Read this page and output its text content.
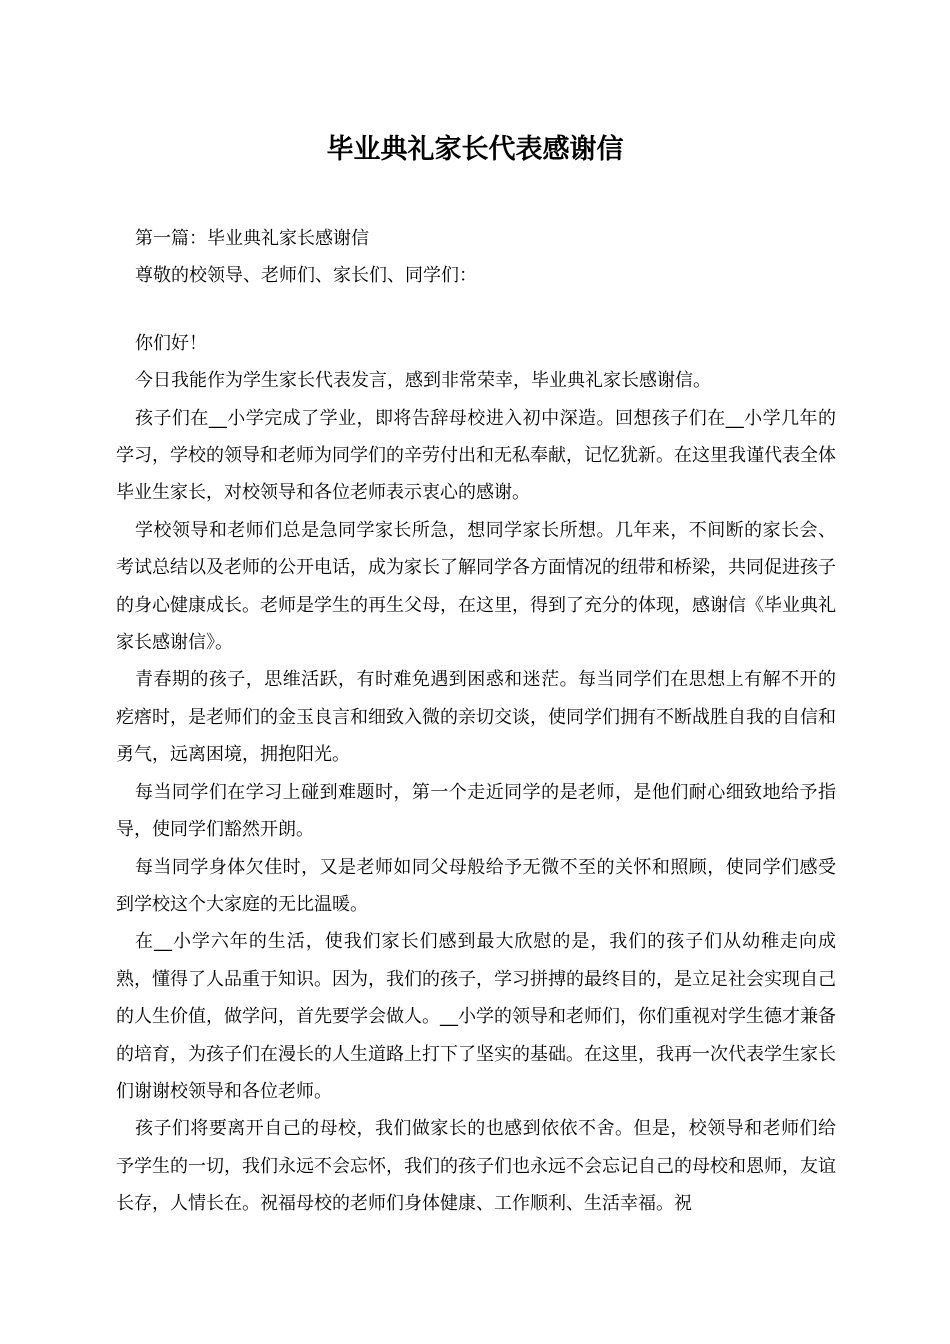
毕业典礼家长代表感谢信

第一篇：毕业典礼家长感谢信

尊敬的校领导、老师们、家长们、同学们：

你们好！

今日我能作为学生家长代表发言，感到非常荣幸，毕业典礼家长感谢信。

孩子们在__小学完成了学业，即将告辞母校进入初中深造。回想孩子们在__小学几年的学习，学校的领导和老师为同学们的辛劳付出和无私奉献，记忆犹新。在这里我谨代表全体毕业生家长，对校领导和各位老师表示衷心的感谢。

学校领导和老师们总是急同学家长所急，想同学家长所想。几年来，不间断的家长会、考试总结以及老师的公开电话，成为家长了解同学各方面情况的纽带和桥梁，共同促进孩子的身心健康成长。老师是学生的再生父母，在这里，得到了充分的体现，感谢信《毕业典礼家长感谢信》。

青春期的孩子，思维活跃，有时难免遇到困惑和迷茫。每当同学们在思想上有解不开的疙瘩时，是老师们的金玉良言和细致入微的亲切交谈，使同学们拥有不断战胜自我的自信和勇气，远离困境，拥抱阳光。

每当同学们在学习上碰到难题时，第一个走近同学的是老师，是他们耐心细致地给予指导，使同学们豁然开朗。

每当同学身体欠佳时，又是老师如同父母般给予无微不至的关怀和照顾，使同学们感受到学校这个大家庭的无比温暖。

在__小学六年的生活，使我们家长们感到最大欣慰的是，我们的孩子们从幼稚走向成熟，懂得了人品重于知识。因为，我们的孩子，学习拼搏的最终目的，是立足社会实现自己的人生价值，做学问，首先要学会做人。__小学的领导和老师们，你们重视对学生德才兼备的培育，为孩子们在漫长的人生道路上打下了坚实的基础。在这里，我再一次代表学生家长们谢谢校领导和各位老师。

孩子们将要离开自己的母校，我们做家长的也感到依依不舍。但是，校领导和老师们给予学生的一切，我们永远不会忘怀，我们的孩子们也永远不会忘记自己的母校和恩师，友谊长存，人情长在。祝福母校的老师们身体健康、工作顺利、生活幸福。祝
